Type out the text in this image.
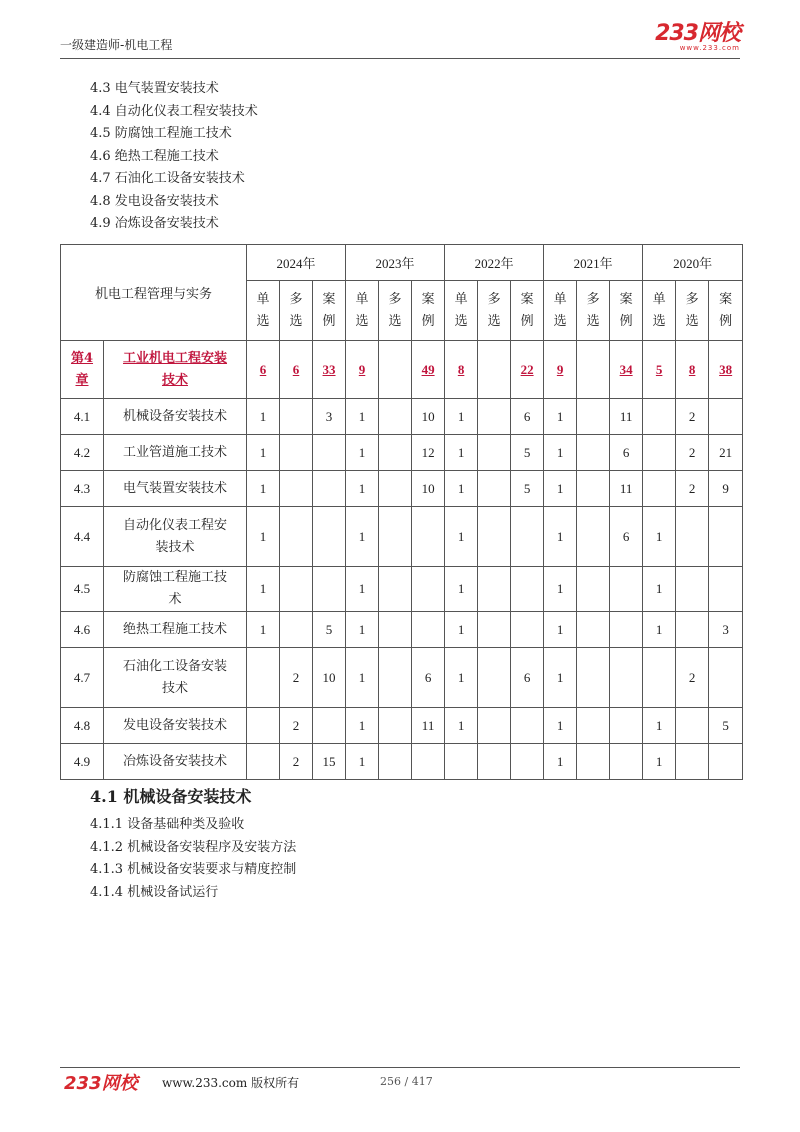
一级建造师-机电工程	233网校
www.233.com
4.3 电气装置安装技术
4.4 自动化仪表工程安装技术
4.5 防腐蚀工程施工技术
4.6 绝热工程施工技术
4.7 石油化工设备安装技术
4.8 发电设备安装技术
4.9 冶炼设备安装技术
机电工程管理与实务		2024年			2023年			2022年			2021年			2020年		
		单选	多选	案例	单选	多选	案例	单选	多选	案例	单选	多选	案例	单选	多选	案例
第4章	工业机电工程安装技术	6	6	33	9		49	8		22	9		34	5	8	38
4.1	机械设备安装技术	1		3	1		10	1		6	1		11		2	
4.2	工业管道施工技术	1			1		12	1		5	1		6		2	21
4.3	电气装置安装技术	1			1		10	1		5	1		11		2	9
4.4	自动化仪表工程安装技术	1			1			1			1		6	1		
4.5	防腐蚀工程施工技术	1			1			1			1			1		
4.6	绝热工程施工技术	1		5	1			1			1			1		3
4.7	石油化工设备安装技术		2	10	1		6	1		6	1				2	
4.8	发电设备安装技术		2		1		11	1			1			1		5
4.9	冶炼设备安装技术		2	15	1						1			1		
4.1 机械设备安装技术
4.1.1 设备基础种类及验收
4.1.2 机械设备安装程序及安装方法
4.1.3 机械设备安装要求与精度控制
4.1.4 机械设备试运行
233网校 www.233.com 版权所有	256 / 417
